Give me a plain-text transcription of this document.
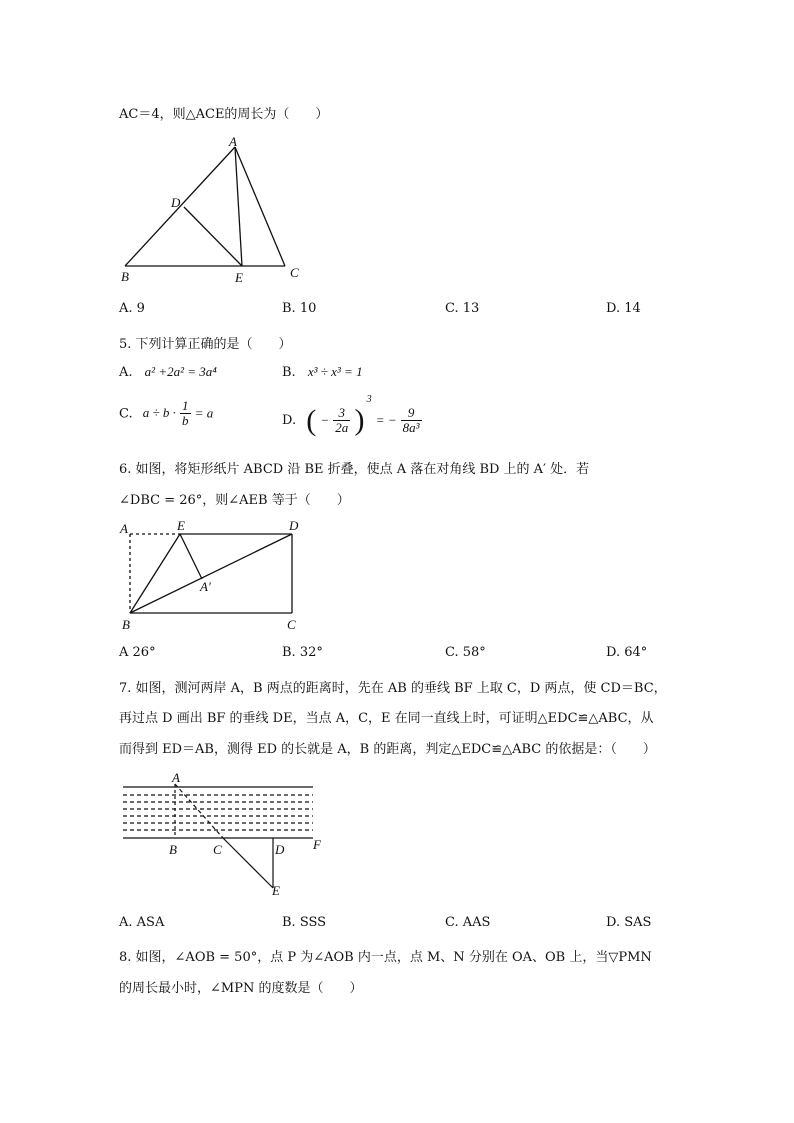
AC＝4，则△ACE的周长为（　　）
A
D
B	E	C
A. 9	B. 10	C. 13	D. 14
5. 下列计算正确的是（　　）
A. a² +2a² = 3a⁴	B. x³ ÷ x³ = 1
C. $a \div b \cdot \frac{1}{b} = a$
D. ( − $\frac{3}{2a}$ ) $^3$ = − $\frac{9}{\text{8a³}}$
6. 如图，将矩形纸片 ABCD 沿 BE 折叠，使点 A 落在对角线 BD 上的 A′ 处．若
∠DBC = 26°，则∠AEB 等于（　　）
A	E	D
A′
B	C
A 26°	B. 32°	C. 58°	D. 64°
7. 如图，测河两岸 A，B 两点的距离时，先在 AB 的垂线 BF 上取 C，D 两点，使 CD＝BC，
再过点 D 画出 BF 的垂线 DE，当点 A，C，E 在同一直线上时，可证明△EDC≌△ABC，从
而得到 ED＝AB，测得 ED 的长就是 A，B 的距离，判定△EDC≌△ABC 的依据是：（　　）
A
B	C	D F
E
A. ASA	B. SSS	C. AAS	D. SAS
8. 如图，∠AOB = 50°，点 P 为∠AOB 内一点，点 M、N 分别在 OA、OB 上，当▽PMN
的周长最小时，∠MPN 的度数是（　　）
